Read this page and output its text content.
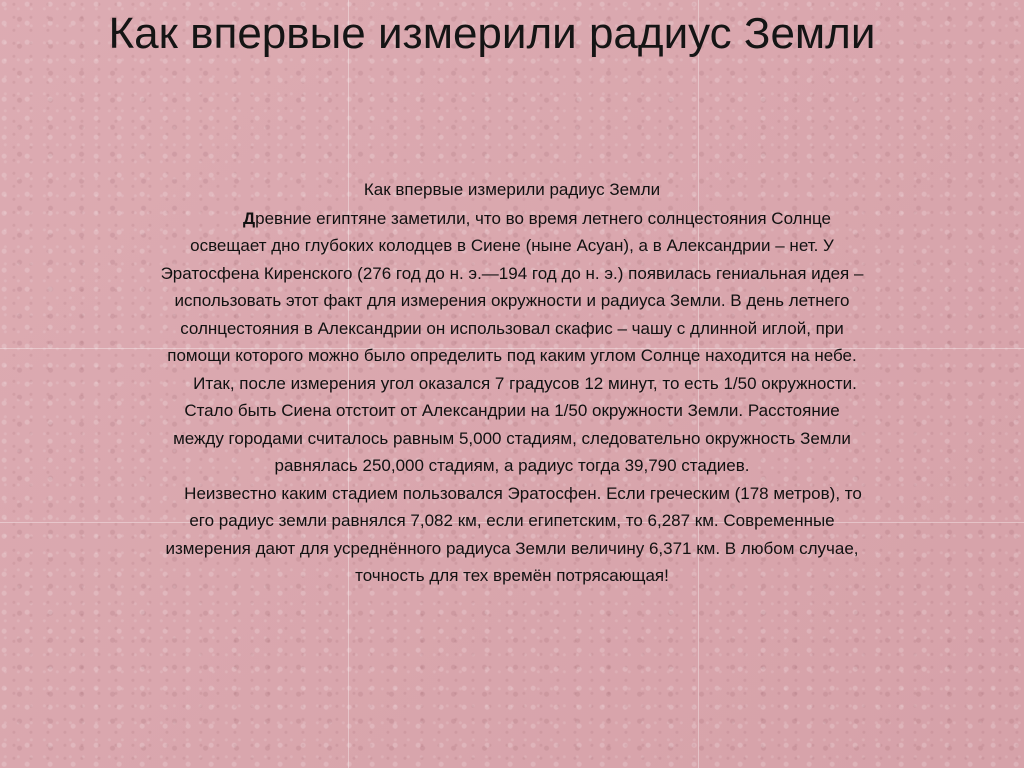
Как впервые измерили радиус Земли

Как впервые измерили радиус Земли

Древние египтяне заметили, что во время летнего солнцестояния Солнце освещает дно глубоких колодцев в Сиене (ныне Асуан), а в Александрии – нет. У Эратосфена Киренского (276 год до н. э.—194 год до н. э.) появилась гениальная идея – использовать этот факт для измерения окружности и радиуса Земли. В день летнего солнцестояния в Александрии он использовал скафис – чашу с длинной иглой, при помощи которого можно было определить под каким углом Солнце находится на небе.

Итак, после измерения угол оказался 7 градусов 12 минут, то есть 1/50 окружности. Стало быть Сиена отстоит от Александрии на 1/50 окружности Земли. Расстояние между городами считалось равным 5,000 стадиям, следовательно окружность Земли равнялась 250,000 стадиям, а радиус тогда 39,790 стадиев.

Неизвестно каким стадием пользовался Эратосфен. Если греческим (178 метров), то его радиус земли равнялся 7,082 км, если египетским, то 6,287 км. Современные измерения дают для усреднённого радиуса Земли величину 6,371 км. В любом случае, точность для тех времён потрясающая!
